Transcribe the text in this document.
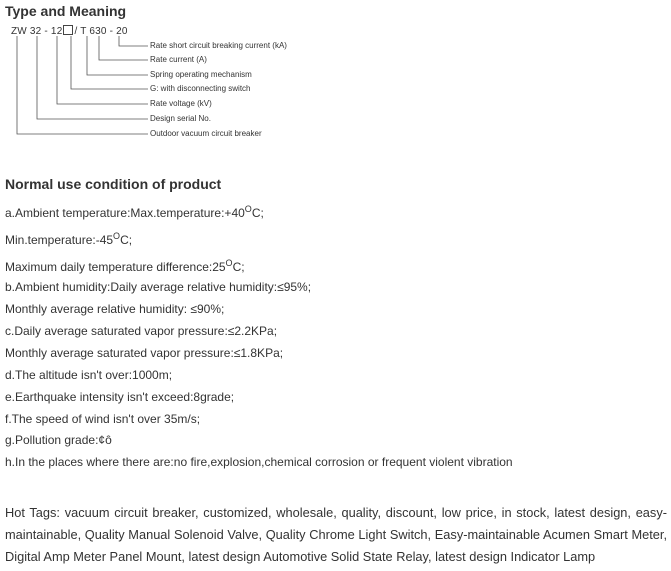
Type and Meaning
ZW 32 - 12 / T 630 - 20
Rate short circuit breaking current (kA)
Rate current (A)
Spring operating mechanism
G: with disconnecting switch
Rate voltage (kV)
Design serial No.
Outdoor vacuum circuit breaker
Normal use condition of product

a.Ambient $temperature:Max.temperature:+40^OC$;

$Min.temperature:-45^OC$;

Maximum daily temperature $difference:25^OC$;

b.Ambient humidity:Daily average relative humidity:≤95%;

Monthly average relative humidity: ≤90%;

c.Daily average saturated vapor pressure:≤2.2KPa;

Monthly average saturated vapor pressure:≤1.8KPa;

d.The altitude isn't over:1000m;

e.Earthquake intensity isn't exceed:8grade;

f.The speed of wind isn't over 35m/s;

g.Pollution grade:¢ô

h.In the places where there are:no fire,explosion,chemical corrosion or frequent violent vibration

Hot Tags: vacuum circuit breaker, customized, wholesale, quality, discount, low price, in stock, latest design, easy-maintainable, Quality Manual Solenoid Valve, Quality Chrome Light Switch, Easy-maintainable Acumen Smart Meter, Digital Amp Meter Panel Mount, latest design Automotive Solid State Relay, latest design Indicator Lamp
